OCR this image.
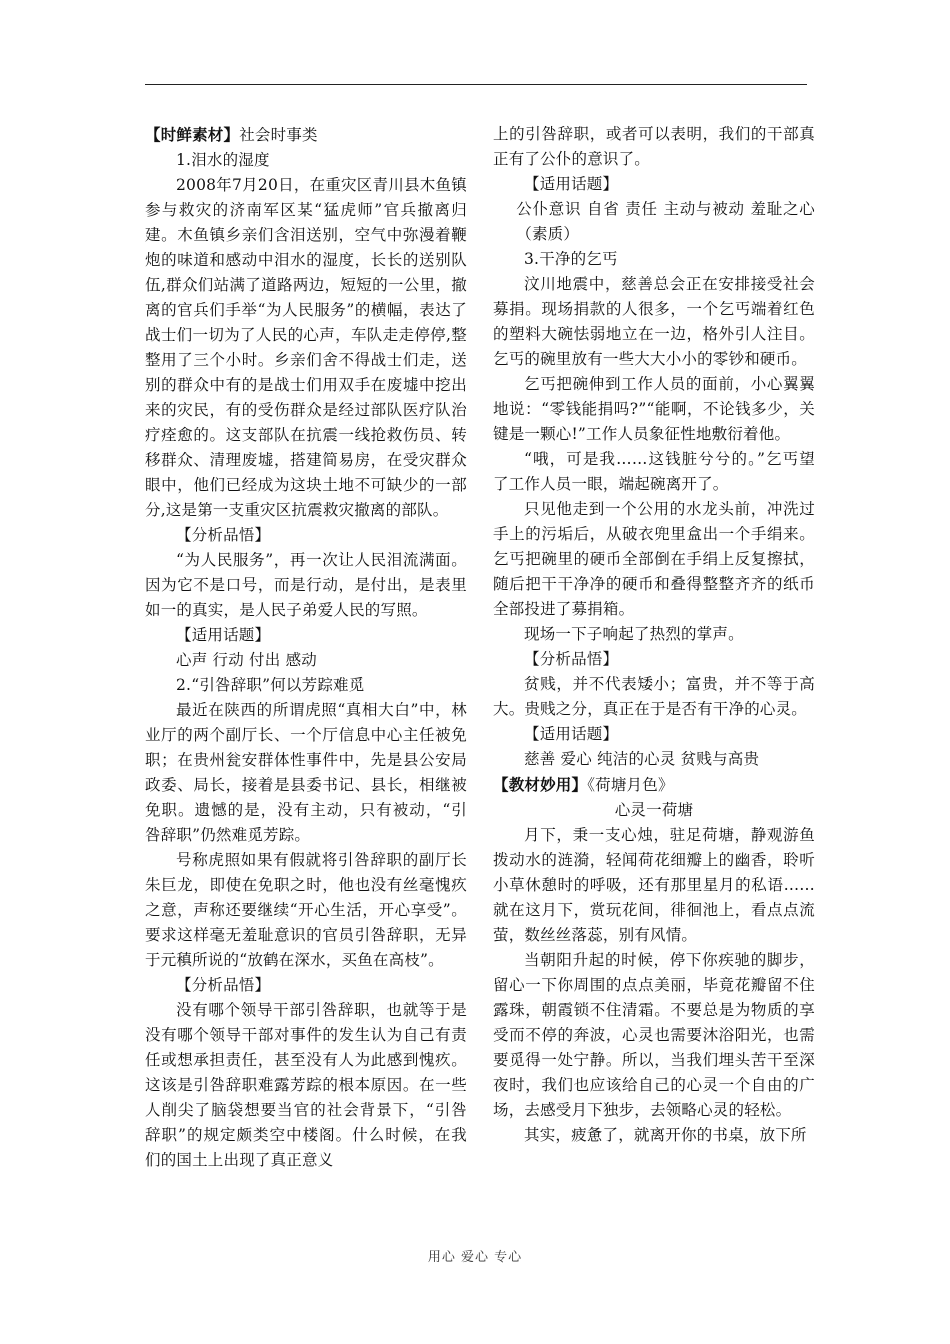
【时鲜素材】社会时事类

1.泪水的湿度

2008年7月20日，在重灾区青川县木鱼镇参与救灾的济南军区某“猛虎师”官兵撤离归建。木鱼镇乡亲们含泪送别，空气中弥漫着鞭炮的味道和感动中泪水的湿度，长长的送别队伍,群众们站满了道路两边，短短的一公里，撤离的官兵们手举“为人民服务”的横幅，表达了战士们一切为了人民的心声，车队走走停停,整整用了三个小时。乡亲们舍不得战士们走，送别的群众中有的是战士们用双手在废墟中挖出来的灾民，有的受伤群众是经过部队医疗队治疗痊愈的。这支部队在抗震一线抢救伤员、转移群众、清理废墟，搭建简易房，在受灾群众眼中，他们已经成为这块土地不可缺少的一部分,这是第一支重灾区抗震救灾撤离的部队。

【分析品悟】

“为人民服务”，再一次让人民泪流满面。因为它不是口号，而是行动，是付出，是表里如一的真实，是人民子弟爱人民的写照。

【适用话题】

心声 行动 付出 感动

2.“引咎辞职”何以芳踪难觅

最近在陕西的所谓虎照“真相大白”中，林业厅的两个副厅长、一个厅信息中心主任被免职；在贵州瓮安群体性事件中，先是县公安局政委、局长，接着是县委书记、县长，相继被免职。遗憾的是，没有主动，只有被动，“引咎辞职”仍然难觅芳踪。

号称虎照如果有假就将引咎辞职的副厅长朱巨龙，即使在免职之时，他也没有丝毫愧疚之意，声称还要继续“开心生活，开心享受”。要求这样毫无羞耻意识的官员引咎辞职，无异于元稹所说的“放鹤在深水，买鱼在高枝”。

【分析品悟】

没有哪个领导干部引咎辞职，也就等于是没有哪个领导干部对事件的发生认为自己有责任或想承担责任，甚至没有人为此感到愧疚。这该是引咎辞职难露芳踪的根本原因。在一些人削尖了脑袋想要当官的社会背景下，“引咎辞职”的规定颇类空中楼阁。什么时候，在我们的国土上出现了真正意义

上的引咎辞职，或者可以表明，我们的干部真正有了公仆的意识了。

【适用话题】

公仆意识 自省 责任 主动与被动 羞耻之心（素质）

3.干净的乞丐

汶川地震中，慈善总会正在安排接受社会募捐。现场捐款的人很多，一个乞丐端着红色的塑料大碗怯弱地立在一边，格外引人注目。乞丐的碗里放有一些大大小小的零钞和硬币。

乞丐把碗伸到工作人员的面前，小心翼翼地说：“零钱能捐吗?”“能啊，不论钱多少，关键是一颗心!”工作人员象征性地敷衍着他。

“哦，可是我……这钱脏兮兮的。”乞丐望了工作人员一眼，端起碗离开了。

只见他走到一个公用的水龙头前，冲洗过手上的污垢后，从破衣兜里盒出一个手绢来。乞丐把碗里的硬币全部倒在手绢上反复擦拭，随后把干干净净的硬币和叠得整整齐齐的纸币全部投进了募捐箱。

现场一下子响起了热烈的掌声。

【分析品悟】

贫贱，并不代表矮小；富贵，并不等于高大。贵贱之分，真正在于是否有干净的心灵。

【适用话题】

慈善 爱心 纯洁的心灵 贫贱与高贵

【教材妙用】《荷塘月色》

心灵一荷塘

月下，秉一支心烛，驻足荷塘，静观游鱼拨动水的涟漪，轻闻荷花细瓣上的幽香，聆听小草休憩时的呼吸，还有那里星月的私语……就在这月下，赏玩花间，徘徊池上，看点点流萤，数丝丝落蕊，别有风情。

当朝阳升起的时候，停下你疾驰的脚步，留心一下你周围的点点美丽，毕竟花瓣留不住露珠，朝霞锁不住清霜。不要总是为物质的享受而不停的奔波，心灵也需要沐浴阳光，也需要觅得一处宁静。所以，当我们埋头苦干至深夜时，我们也应该给自己的心灵一个自由的广场，去感受月下独步，去领略心灵的轻松。

其实，疲惫了，就离开你的书桌，放下所

用心 爱心 专心
